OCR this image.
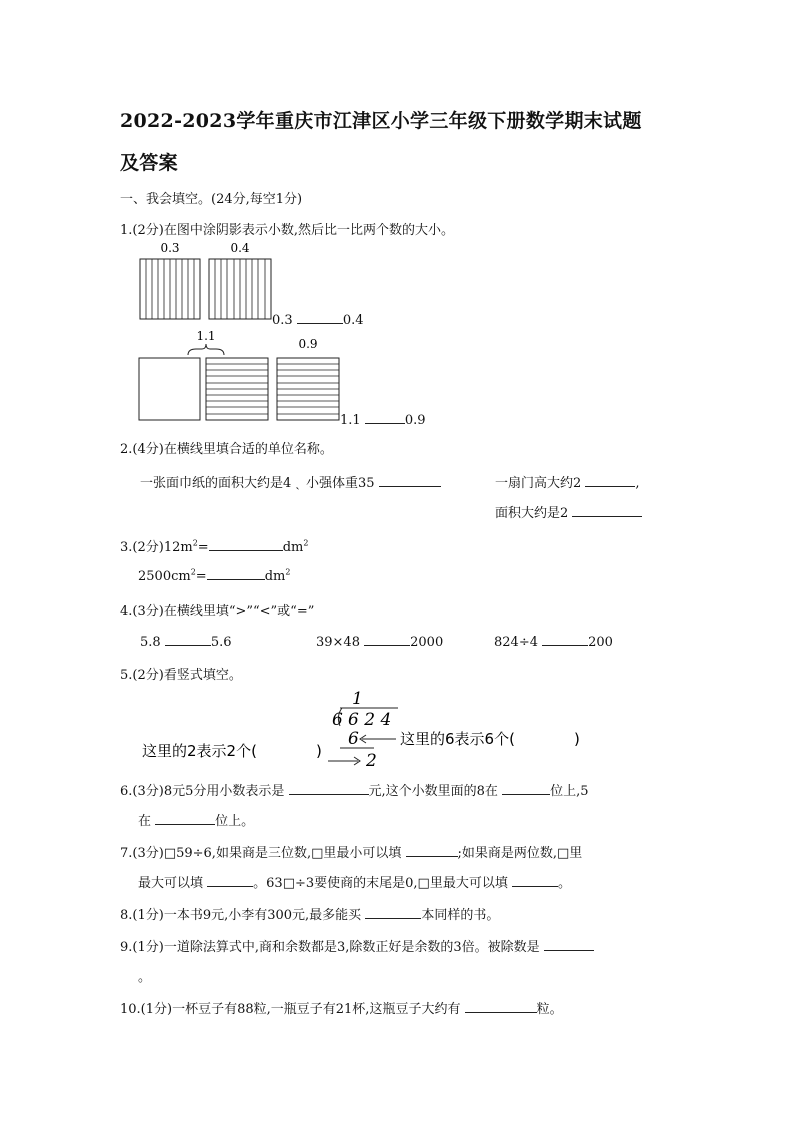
2022-2023学年重庆市江津区小学三年级下册数学期末试题
及答案
一、我会填空。(24分,每空1分)
1.(2分)在图中涂阴影表示小数,然后比一比两个数的大小。
0.3	0.4
1.1
0.9
0.3	0.4
1.1	0.9
2.(4分)在横线里填合适的单位名称。
一张面巾纸的面积大约是4 ˎ 小强体重35	一扇门高大约2	,
面积大约是2
3.(2分)$12m^2=$	$dm^2$
$2500cm^2=$	$dm^2$
4.(3分)在横线里填“>”“<”或“=”
5.8	5.6	39×48	2000	824÷4	200
5.(2分)看竖式填空。
1
6 6 2 4
6
2
这里的6表示6个(	)
这里的2表示2个(	)
6.(3分)8元5分用小数表示是	元,这个小数里面的8在	位上,5
在	位上。
7.(3分)□59÷6,如果商是三位数,□里最小可以填	;如果商是两位数,□里
最大可以填	。63□÷3要使商的末尾是0,□里最大可以填	。
8.(1分)一本书9元,小李有300元,最多能买	本同样的书。
9.(1分)一道除法算式中,商和余数都是3,除数正好是余数的3倍。被除数是
。
10.(1分)一杯豆子有88粒,一瓶豆子有21杯,这瓶豆子大约有	粒。
